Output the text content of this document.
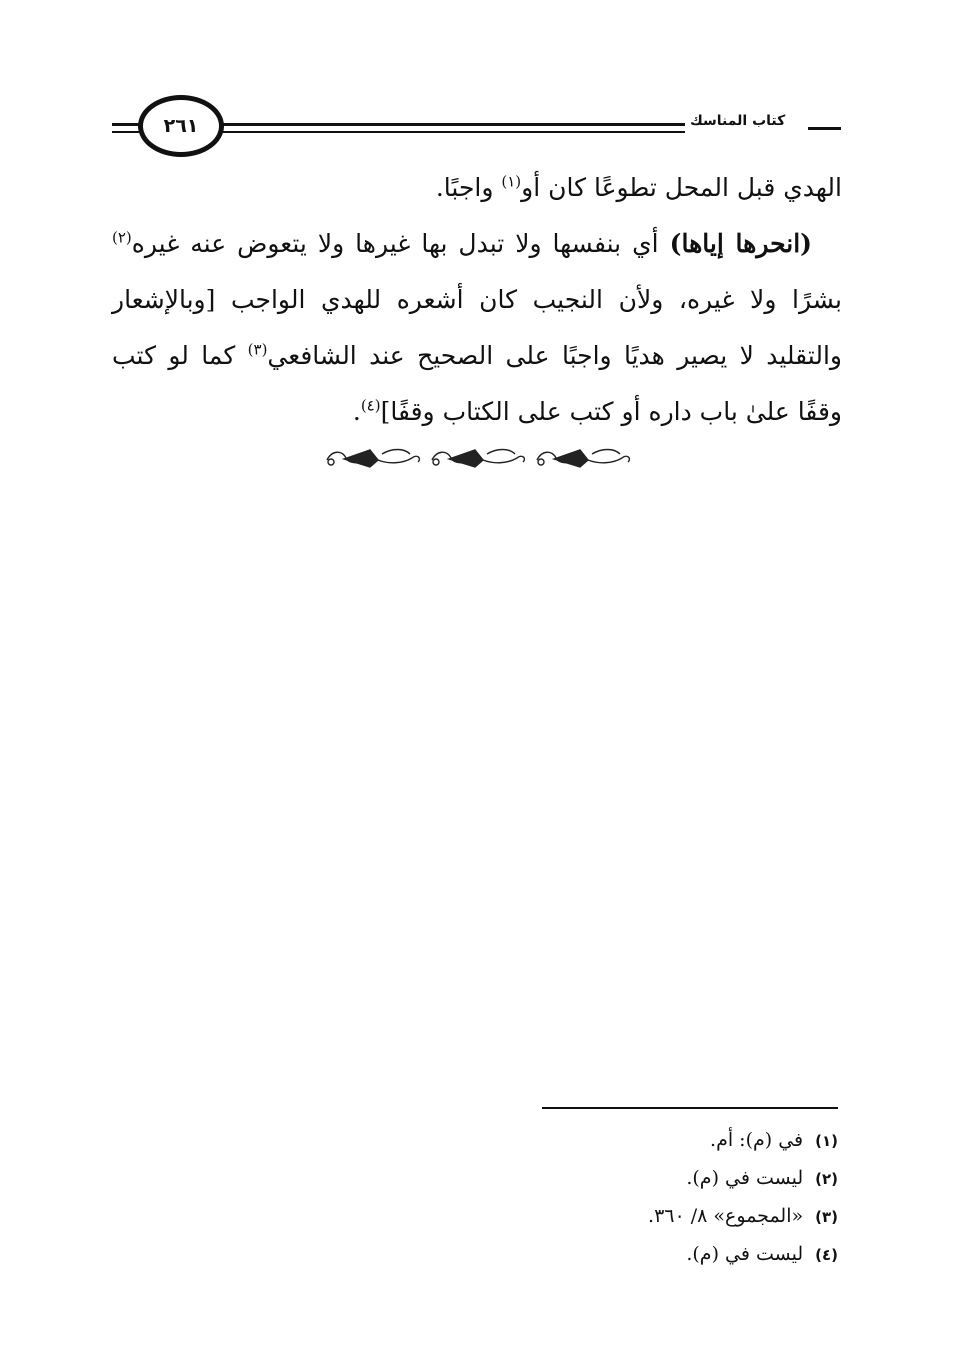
٢٦١	كتاب المناسك

الهدي قبل المحل تطوعًا كان أو$^{(١)}$ واجبًا.

(انحرها إياها) أي بنفسها ولا تبدل بها غيرها ولا يتعوض عنه غيره$^{(٢)}$ بشرًا ولا غيره، ولأن النجيب كان أشعره للهدي الواجب [وبالإشعار والتقليد لا يصير هديًا واجبًا على الصحيح عند الشافعي$^{(٣)}$ كما لو كتب وقفًا علىٰ باب داره أو كتب على الكتاب وقفًا]$^{(٤)}$.

(١)في (م): أم.
(٢)ليست في (م).
(٣)«المجموع» ٨/ ٣٦٠.
(٤)ليست في (م).
